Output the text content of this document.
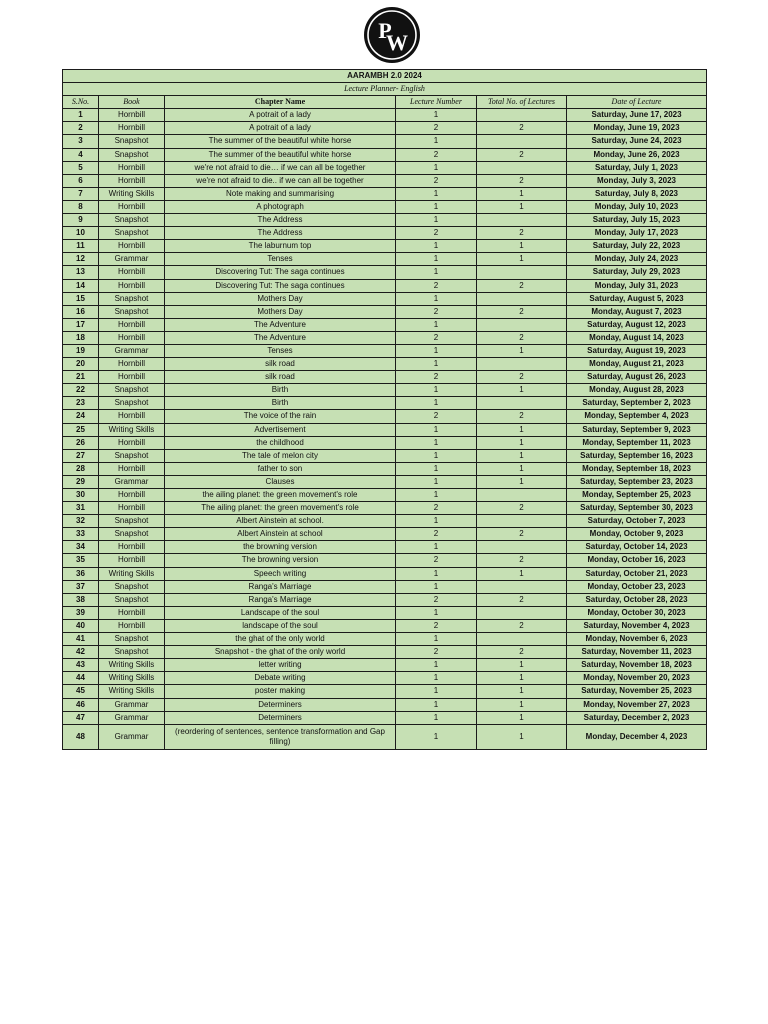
P
W
AARAMBH 2.0 2024					
Lecture Planner- English					
S.No.	Book	Chapter Name	Lecture Number	Total No. of Lectures	Date of Lecture
1	Hornbill	A potrait of a lady	1		Saturday, June 17, 2023
2	Hornbill	A potrait of a lady	2	2	Monday, June 19, 2023
3	Snapshot	The summer of the beautiful white horse	1		Saturday, June 24, 2023
4	Snapshot	The summer of the beautiful white horse	2	2	Monday, June 26, 2023
5	Hornbill	we're not afraid to die… if we can all be together	1		Saturday, July 1, 2023
6	Hornbill	we're not afraid to die.. if we can all be together	2	2	Monday, July 3, 2023
7	Writing Skills	Note making and summarising	1	1	Saturday, July 8, 2023
8	Hornbill	A photograph	1	1	Monday, July 10, 2023
9	Snapshot	The Address	1		Saturday, July 15, 2023
10	Snapshot	The Address	2	2	Monday, July 17, 2023
11	Hornbill	The laburnum top	1	1	Saturday, July 22, 2023
12	Grammar	Tenses	1	1	Monday, July 24, 2023
13	Hornbill	Discovering Tut: The saga continues	1		Saturday, July 29, 2023
14	Hornbill	Discovering Tut: The saga continues	2	2	Monday, July 31, 2023
15	Snapshot	Mothers Day	1		Saturday, August 5, 2023
16	Snapshot	Mothers Day	2	2	Monday, August 7, 2023
17	Hornbill	The Adventure	1		Saturday, August 12, 2023
18	Hornbill	The Adventure	2	2	Monday, August 14, 2023
19	Grammar	Tenses	1	1	Saturday, August 19, 2023
20	Hornbill	silk road	1		Monday, August 21, 2023
21	Hornbill	silk road	2	2	Saturday, August 26, 2023
22	Snapshot	Birth	1	1	Monday, August 28, 2023
23	Snapshot	Birth	1		Saturday, September 2, 2023
24	Hornbill	The voice of the rain	2	2	Monday, September 4, 2023
25	Writing Skills	Advertisement	1	1	Saturday, September 9, 2023
26	Hornbill	the childhood	1	1	Monday, September 11, 2023
27	Snapshot	The tale of melon city	1	1	Saturday, September 16, 2023
28	Hornbill	father to son	1	1	Monday, September 18, 2023
29	Grammar	Clauses	1	1	Saturday, September 23, 2023
30	Hornbill	the ailing planet: the green movement's role	1		Monday, September 25, 2023
31	Hornbill	The ailing planet: the green movement's role	2	2	Saturday, September 30, 2023
32	Snapshot	Albert Ainstein at school.	1		Saturday, October 7, 2023
33	Snapshot	Albert Ainstein at school	2	2	Monday, October 9, 2023
34	Hornbill	the browning version	1		Saturday, October 14, 2023
35	Hornbill	The browning version	2	2	Monday, October 16, 2023
36	Writing Skills	Speech writing	1	1	Saturday, October 21, 2023
37	Snapshot	Ranga's Marriage	1		Monday, October 23, 2023
38	Snapshot	Ranga's Marriage	2	2	Saturday, October 28, 2023
39	Hornbill	Landscape of the soul	1		Monday, October 30, 2023
40	Hornbill	landscape of the soul	2	2	Saturday, November 4, 2023
41	Snapshot	the ghat of the only world	1		Monday, November 6, 2023
42	Snapshot	Snapshot - the ghat of the only world	2	2	Saturday, November 11, 2023
43	Writing Skills	letter writing	1	1	Saturday, November 18, 2023
44	Writing Skills	Debate writing	1	1	Monday, November 20, 2023
45	Writing Skills	poster making	1	1	Saturday, November 25, 2023
46	Grammar	Determiners	1	1	Monday, November 27, 2023
47	Grammar	Determiners	1	1	Saturday, December 2, 2023
48	Grammar	(reordering of sentences, sentence transformation and Gap filling)	1	1	Monday, December 4, 2023
